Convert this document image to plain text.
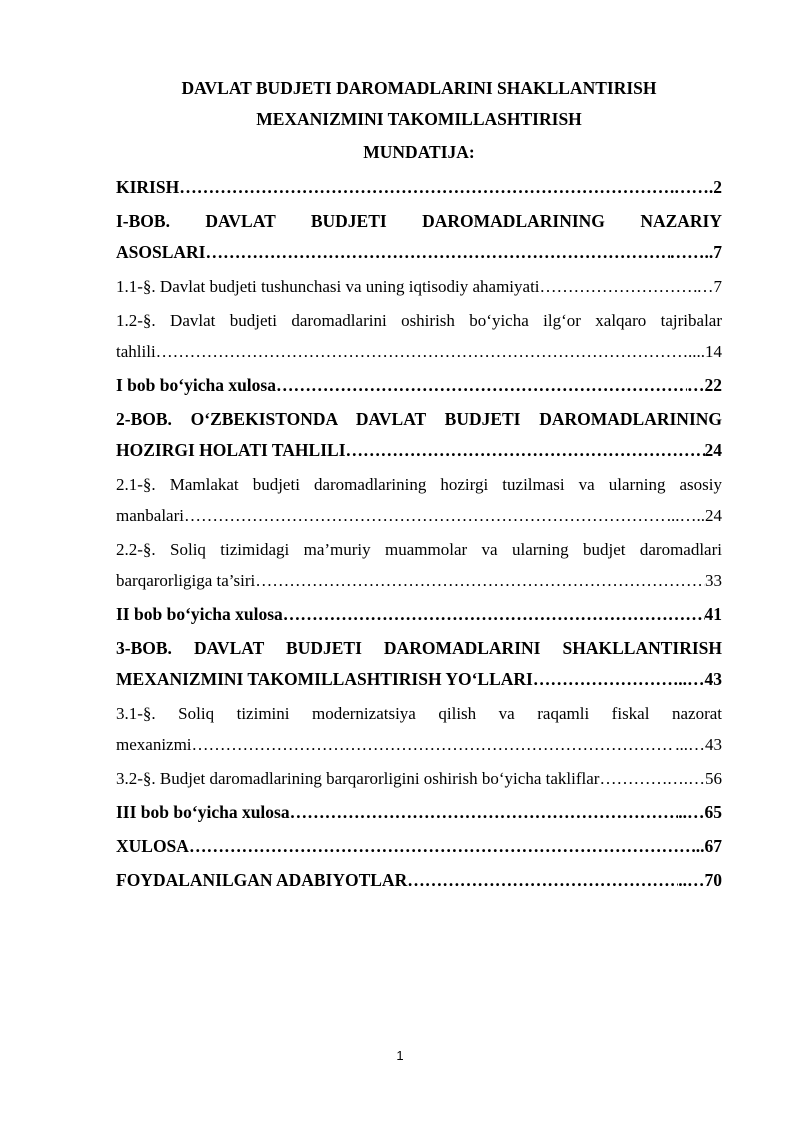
DAVLAT BUDJETI DAROMADLARINI SHAKLLANTIRISH
MEXANIZMINI TAKOMILLASHTIRISH
MUNDATIJA:
KIRISH ………………………………………………………………………………………………………………………………………………………………	……. 2
I-BOB. DAVLAT BUDJETI DAROMADLARINING NAZARIY
ASOSLARI ………………………………………………………………………………………………………………………………………………………………	…….. 7
1.1-§. Davlat budjeti tushunchasi va uning iqtisodiy ahamiyati ………………………………………………………………………………………………………………………………………………………………	… 7
1.2-§. Davlat budjeti daromadlarini oshirish bo‘yicha ilg‘or xalqaro tajribalar
tahlili ………………………………………………………………………………………………………………………………………………………………	.... 14
I bob bo‘yicha xulosa ………………………………………………………………………………………………………………………………………………………………	… 22
2-BOB. O‘ZBEKISTONDA DAVLAT BUDJETI DAROMADLARINING
HOZIRGI HOLATI TAHLILI ………………………………………………………………………………………………………………………………………………………………	24
2.1-§. Mamlakat budjeti daromadlarining hozirgi tuzilmasi va ularning asosiy
manbalari ………………………………………………………………………………………………………………………………………………………………	...….. 24
2.2-§. Soliq tizimidagi ma’muriy muammolar va ularning budjet daromadlari
barqarorligiga ta’siri ………………………………………………………………………………………………………………………………………………………………	33
II bob bo‘yicha xulosa ………………………………………………………………………………………………………………………………………………………………	41
3-BOB. DAVLAT BUDJETI DAROMADLARINI SHAKLLANTIRISH
MEXANIZMINI TAKOMILLASHTIRISH YO‘LLARI ………………………………………………………………………………………………………………………………………………………………	..… 43
3.1-§. Soliq tizimini modernizatsiya qilish va raqamli fiskal nazorat
mexanizmi ………………………………………………………………………………………………………………………………………………………………	...… 43
3.2-§. Budjet daromadlarining barqarorligini oshirish bo‘yicha takliflar ………………………………………………………………………………………………………………………………………………………………	….… 56
III bob bo‘yicha xulosa ………………………………………………………………………………………………………………………………………………………………	..… 65
XULOSA ………………………………………………………………………………………………………………………………………………………………	... 67
FOYDALANILGAN ADABIYOTLAR ………………………………………………………………………………………………………………………………………………………………	..… 70
1
